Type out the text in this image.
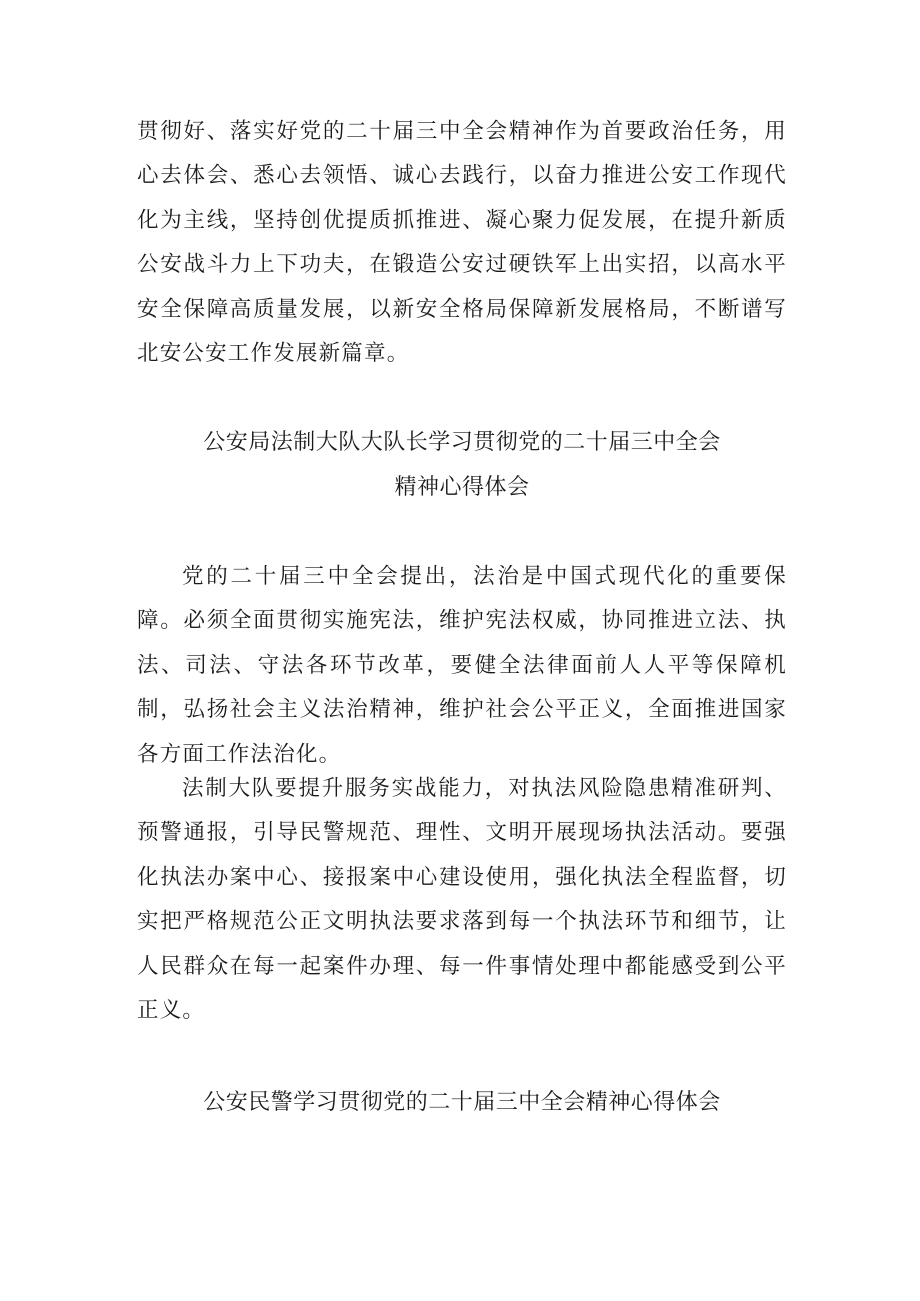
贯彻好、落实好党的二十届三中全会精神作为首要政治任务，用心去体会、悉心去领悟、诚心去践行，以奋力推进公安工作现代化为主线，坚持创优提质抓推进、凝心聚力促发展，在提升新质公安战斗力上下功夫，在锻造公安过硬铁军上出实招，以高水平安全保障高质量发展，以新安全格局保障新发展格局，不断谱写北安公安工作发展新篇章。

公安局法制大队大队长学习贯彻党的二十届三中全会
精神心得体会

党的二十届三中全会提出，法治是中国式现代化的重要保障。必须全面贯彻实施宪法，维护宪法权威，协同推进立法、执法、司法、守法各环节改革，要健全法律面前人人平等保障机制，弘扬社会主义法治精神，维护社会公平正义，全面推进国家各方面工作法治化。

法制大队要提升服务实战能力，对执法风险隐患精准研判、预警通报，引导民警规范、理性、文明开展现场执法活动。要强化执法办案中心、接报案中心建设使用，强化执法全程监督，切实把严格规范公正文明执法要求落到每一个执法环节和细节，让人民群众在每一起案件办理、每一件事情处理中都能感受到公平正义。

公安民警学习贯彻党的二十届三中全会精神心得体会
